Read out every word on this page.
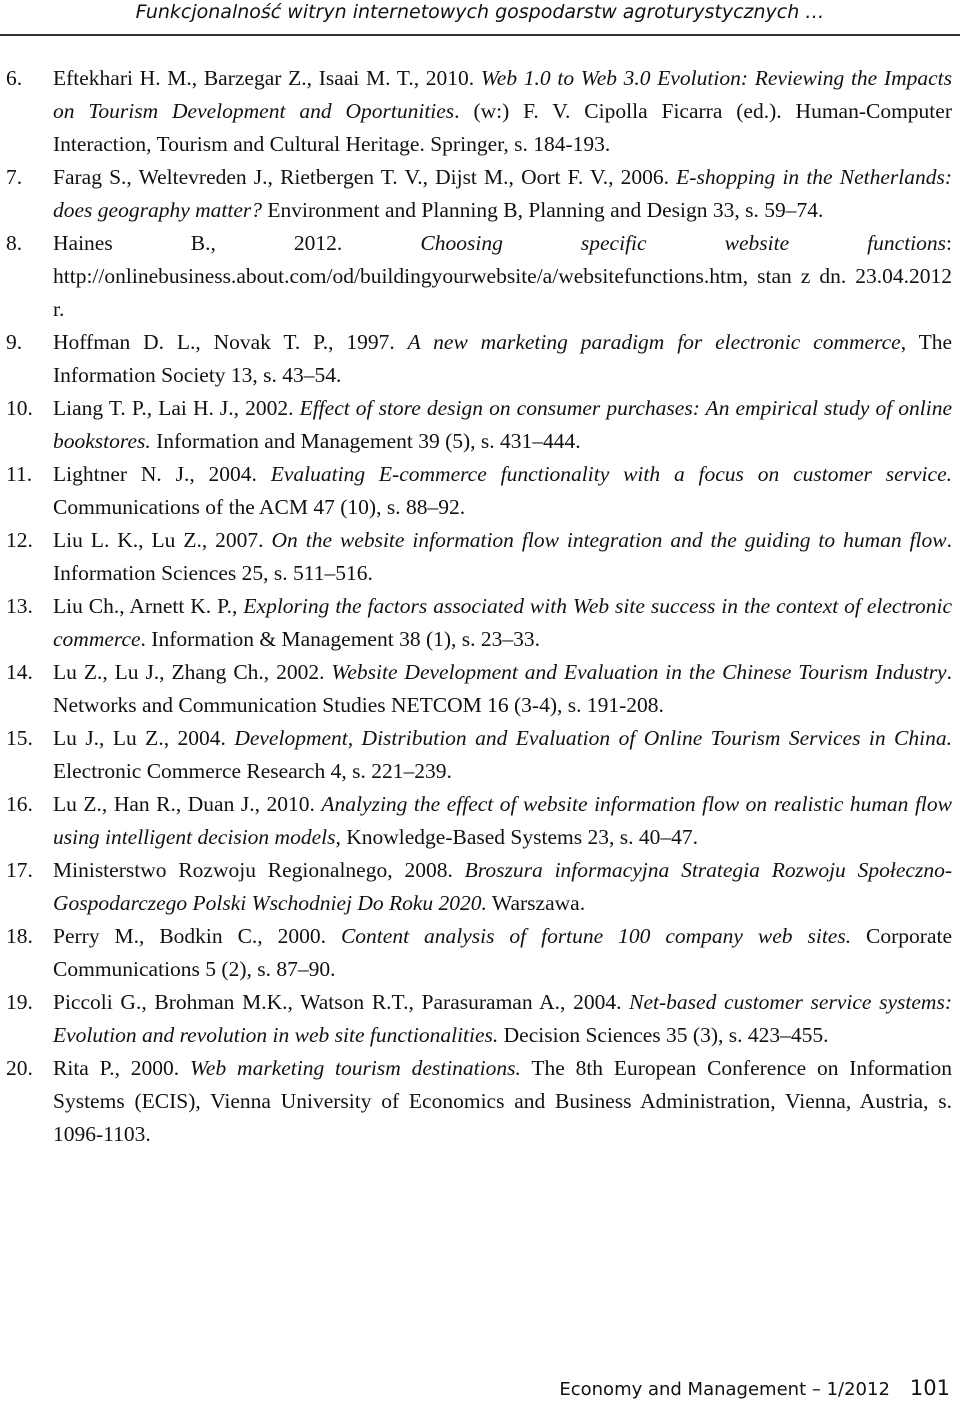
Funkcjonalność witryn internetowych gospodarstw agroturystycznych …
6. Eftekhari H. M., Barzegar Z., Isaai M. T., 2010. Web 1.0 to Web 3.0 Evolution: Reviewing the Impacts on Tourism Development and Oportunities. (w:) F. V. Cipolla Ficarra (ed.). Human-Computer Interaction, Tourism and Cultural Heritage. Springer, s. 184-193.
7. Farag S., Weltevreden J., Rietbergen T. V., Dijst M., Oort F. V., 2006. E-shopping in the Netherlands: does geography matter? Environment and Planning B, Planning and Design 33, s. 59–74.
8. Haines B., 2012. Choosing specific website functions: http://onlinebusiness.about.com/od/buildingyourwebsite/a/websitefunctions.htm, stan z dn. 23.04.2012 r.
9. Hoffman D. L., Novak T. P., 1997. A new marketing paradigm for electronic commerce, The Information Society 13, s. 43–54.
10. Liang T. P., Lai H. J., 2002. Effect of store design on consumer purchases: An empirical study of online bookstores. Information and Management 39 (5), s. 431–444.
11. Lightner N. J., 2004. Evaluating E-commerce functionality with a focus on customer service. Communications of the ACM 47 (10), s. 88–92.
12. Liu L. K., Lu Z., 2007. On the website information flow integration and the guiding to human flow. Information Sciences 25, s. 511–516.
13. Liu Ch., Arnett K. P., Exploring the factors associated with Web site success in the context of electronic commerce. Information & Management 38 (1), s. 23–33.
14. Lu Z., Lu J., Zhang Ch., 2002. Website Development and Evaluation in the Chinese Tourism Industry. Networks and Communication Studies NETCOM 16 (3-4), s. 191-208.
15. Lu J., Lu Z., 2004. Development, Distribution and Evaluation of Online Tourism Services in China. Electronic Commerce Research 4, s. 221–239.
16. Lu Z., Han R., Duan J., 2010. Analyzing the effect of website information flow on realistic human flow using intelligent decision models, Knowledge-Based Systems 23, s. 40–47.
17. Ministerstwo Rozwoju Regionalnego, 2008. Broszura informacyjna Strategia Rozwoju Społeczno-Gospodarczego Polski Wschodniej Do Roku 2020. Warszawa.
18. Perry M., Bodkin C., 2000. Content analysis of fortune 100 company web sites. Corporate Communications 5 (2), s. 87–90.
19. Piccoli G., Brohman M.K., Watson R.T., Parasuraman A., 2004. Net-based customer service systems: Evolution and revolution in web site functionalities. Decision Sciences 35 (3), s. 423–455.
20. Rita P., 2000. Web marketing tourism destinations. The 8th European Conference on Information Systems (ECIS), Vienna University of Economics and Business Administration, Vienna, Austria, s. 1096-1103.
Economy and Management – 1/2012 101
